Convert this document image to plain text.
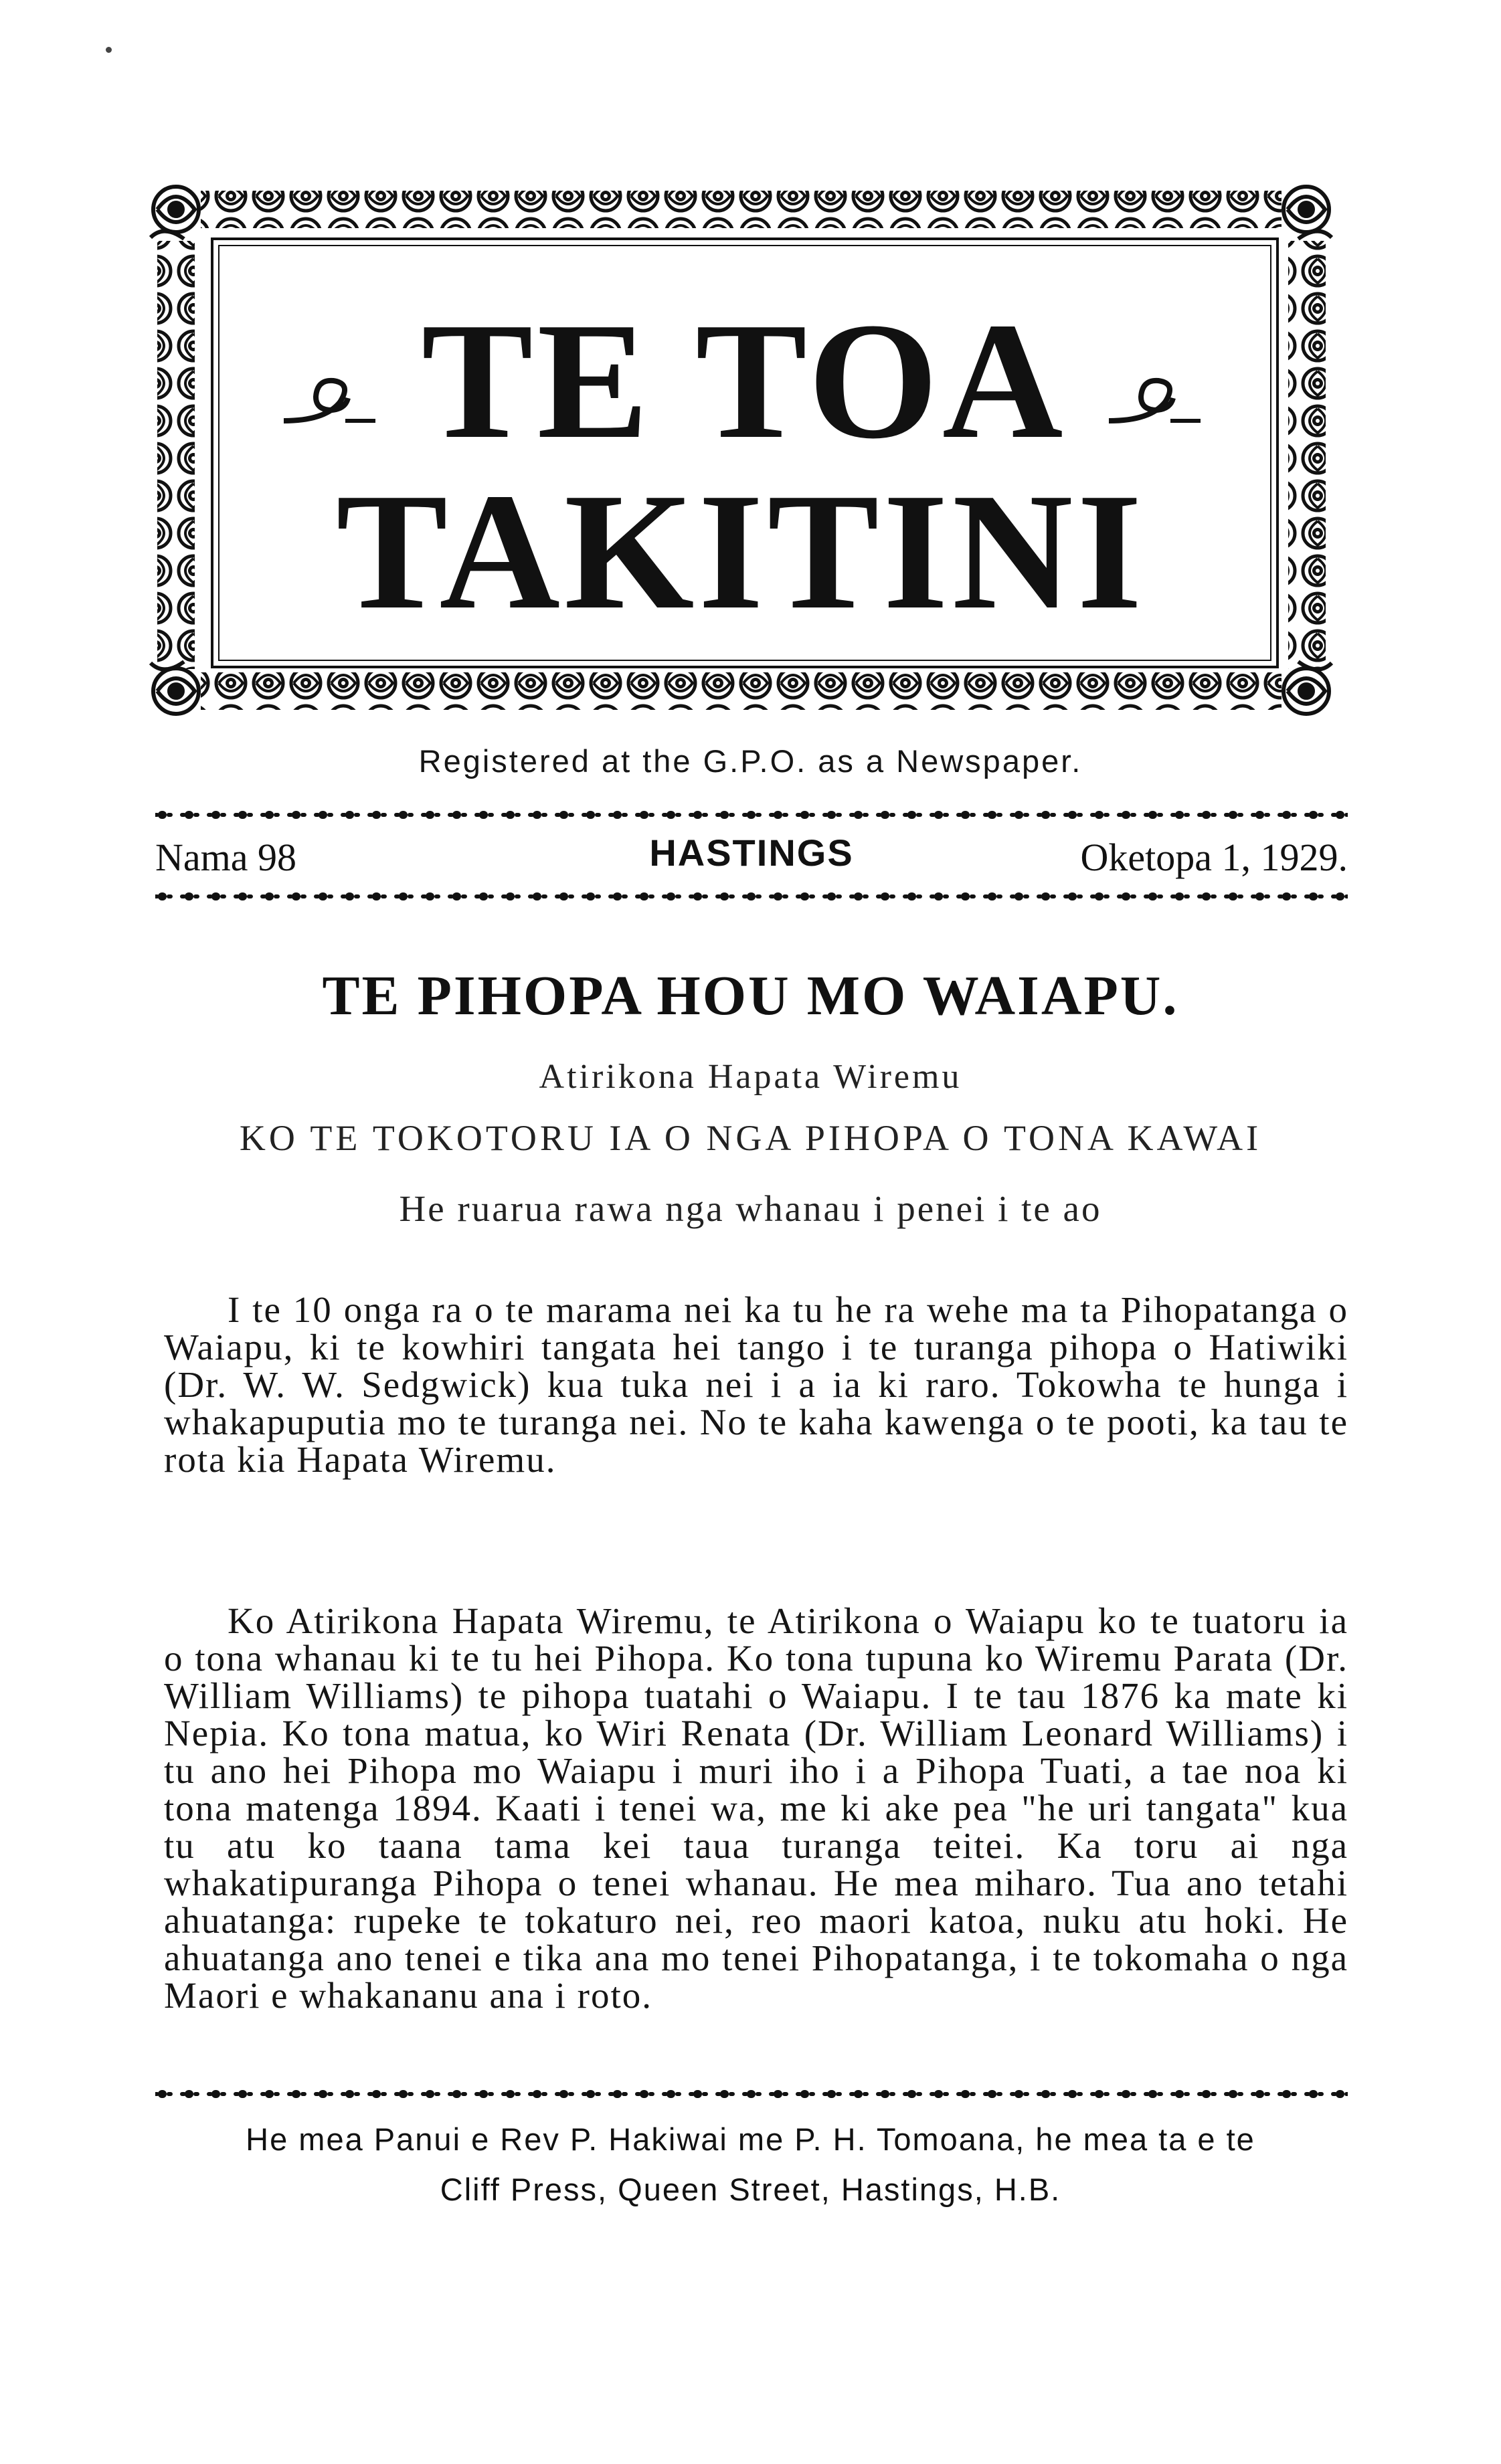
TE TOA
TAKITINI
Registered at the G.P.O. as a Newspaper.
Nama 98	HASTINGS	Oketopa 1, 1929.
TE PIHOPA HOU MO WAIAPU.
Atirikona Hapata Wiremu
KO TE TOKOTORU IA O NGA PIHOPA O TONA KAWAI
He ruarua rawa nga whanau i penei i te ao

I te 10 onga ra o te marama nei ka tu he ra wehe ma ta Pihopatanga o Waiapu, ki te kowhiri tangata hei tango i te turanga pihopa o Hatiwiki (Dr. W. W. Sedgwick) kua tuka nei i a ia ki raro. Tokowha te hunga i whakapuputia mo te turanga nei. No te kaha kawenga o te pooti, ka tau te rota kia Hapata Wiremu.

Ko Atirikona Hapata Wiremu, te Atirikona o Waiapu ko te tuatoru ia o tona whanau ki te tu hei Pihopa. Ko tona tupuna ko Wiremu Parata (Dr. William Williams) te pihopa tuatahi o Waiapu. I te tau 1876 ka mate ki Nepia. Ko tona matua, ko Wiri Renata (Dr. William Leonard Williams) i tu ano hei Pihopa mo Waiapu i muri iho i a Pihopa Tuati, a tae noa ki tona matenga 1894. Kaati i tenei wa, me ki ake pea "he uri tangata" kua tu atu ko taana tama kei taua turanga teitei. Ka toru ai nga whakatipuranga Pihopa o tenei whanau. He mea miharo. Tua ano tetahi ahuatanga: rupeke te tokaturo nei, reo maori katoa, nuku atu hoki. He ahuatanga ano tenei e tika ana mo tenei Pihopatanga, i te tokomaha o nga Maori e whakananu ana i roto.

He mea Panui e Rev P. Hakiwai me P. H. Tomoana, he mea ta e te
Cliff Press, Queen Street, Hastings, H.B.
